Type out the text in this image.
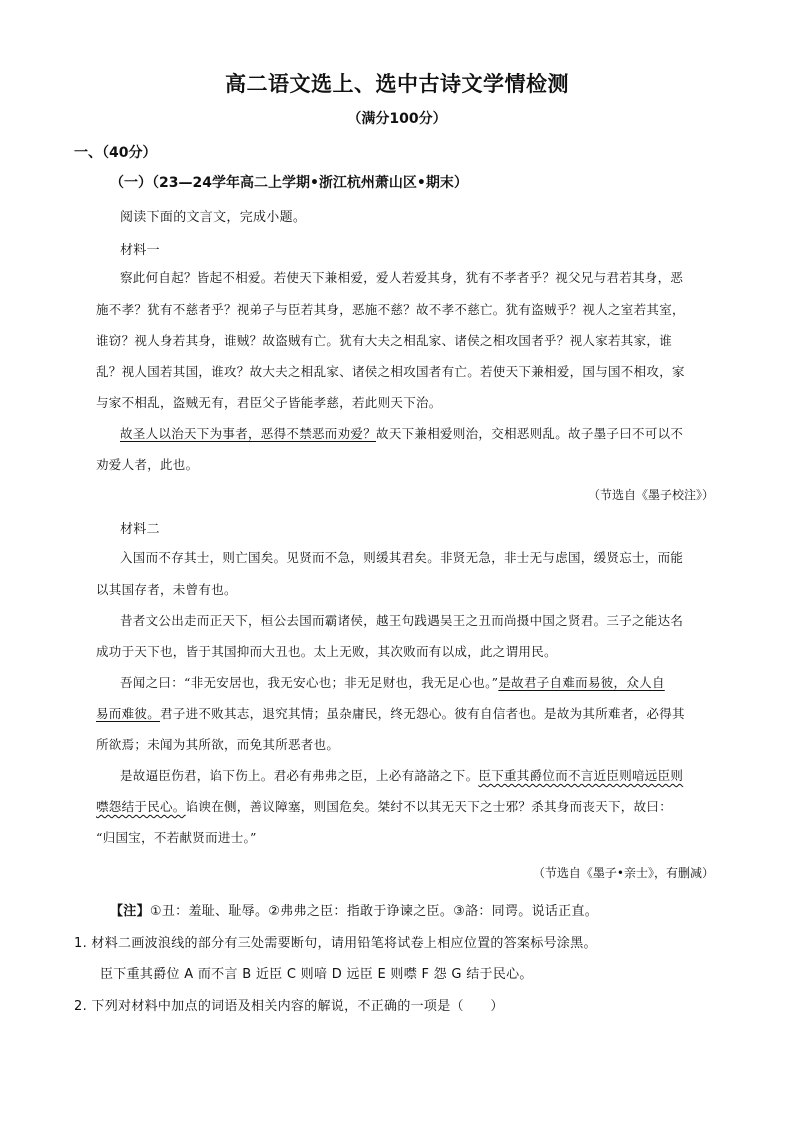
高二语文选上、选中古诗文学情检测
（满分100分）
一、（40分）
（一）（23—24学年高二上学期•浙江杭州萧山区•期末）
阅读下面的文言文，完成小题。
材料一
察此何自起？皆起不相爱。若使天下兼相爱，爱人若爱其身，犹有不孝者乎？视父兄与君若其身，恶
施不孝？犹有不慈者乎？视弟子与臣若其身，恶施不慈？故不孝不慈亡。犹有盗贼乎？视人之室若其室，
谁窃？视人身若其身，谁贼？故盗贼有亡。犹有大夫之相乱家、诸侯之相攻国者乎？视人家若其家，谁
乱？视人国若其国，谁攻？故大夫之相乱家、诸侯之相攻国者有亡。若使天下兼相爱，国与国不相攻，家
与家不相乱，盗贼无有，君臣父子皆能孝慈，若此则天下治。
故圣人以治天下为事者，恶得不禁恶而劝爱？故天下兼相爱则治，交相恶则乱。故子墨子曰不可以不
劝爱人者，此也。
（节选自《墨子校注》）
材料二
入国而不存其士，则亡国矣。见贤而不急，则缓其君矣。非贤无急，非士无与虑国，缓贤忘士，而能
以其国存者，未曾有也。
昔者文公出走而正天下，桓公去国而霸诸侯，越王句践遇吴王之丑而尚摄中国之贤君。三子之能达名
成功于天下也，皆于其国抑而大丑也。太上无败，其次败而有以成，此之谓用民。
吾闻之曰：“非无安居也，我无安心也；非无足财也，我无足心也。”是故君子自难而易彼，众人自
易而难彼。君子进不败其志，退究其情；虽杂庸民，终无怨心。彼有自信者也。是故为其所难者，必得其
所欲焉；未闻为其所欲，而免其所恶者也。
是故逼臣伤君，谄下伤上。君必有弗弗之臣，上必有詻詻之下。臣下重其爵位而不言近臣则喑远臣则
噤怨结于民心。谄谀在侧，善议障塞，则国危矣。桀纣不以其无天下之士邪？杀其身而丧天下，故曰：
“归国宝，不若献贤而进士。”
（节选自《墨子•亲士》，有删减）
【注】①丑：羞耻、耻辱。②弗弗之臣：指敢于诤谏之臣。③詻：同谔。说话正直。
1. 材料二画波浪线的部分有三处需要断句，请用铅笔将试卷上相应位置的答案标号涂黑。
臣下重其爵位 A 而不言 B 近臣 C 则喑 D 远臣 E 则噤 F 怨 G 结于民心。
2. 下列对材料中加点的词语及相关内容的解说，不正确的一项是（　　）
